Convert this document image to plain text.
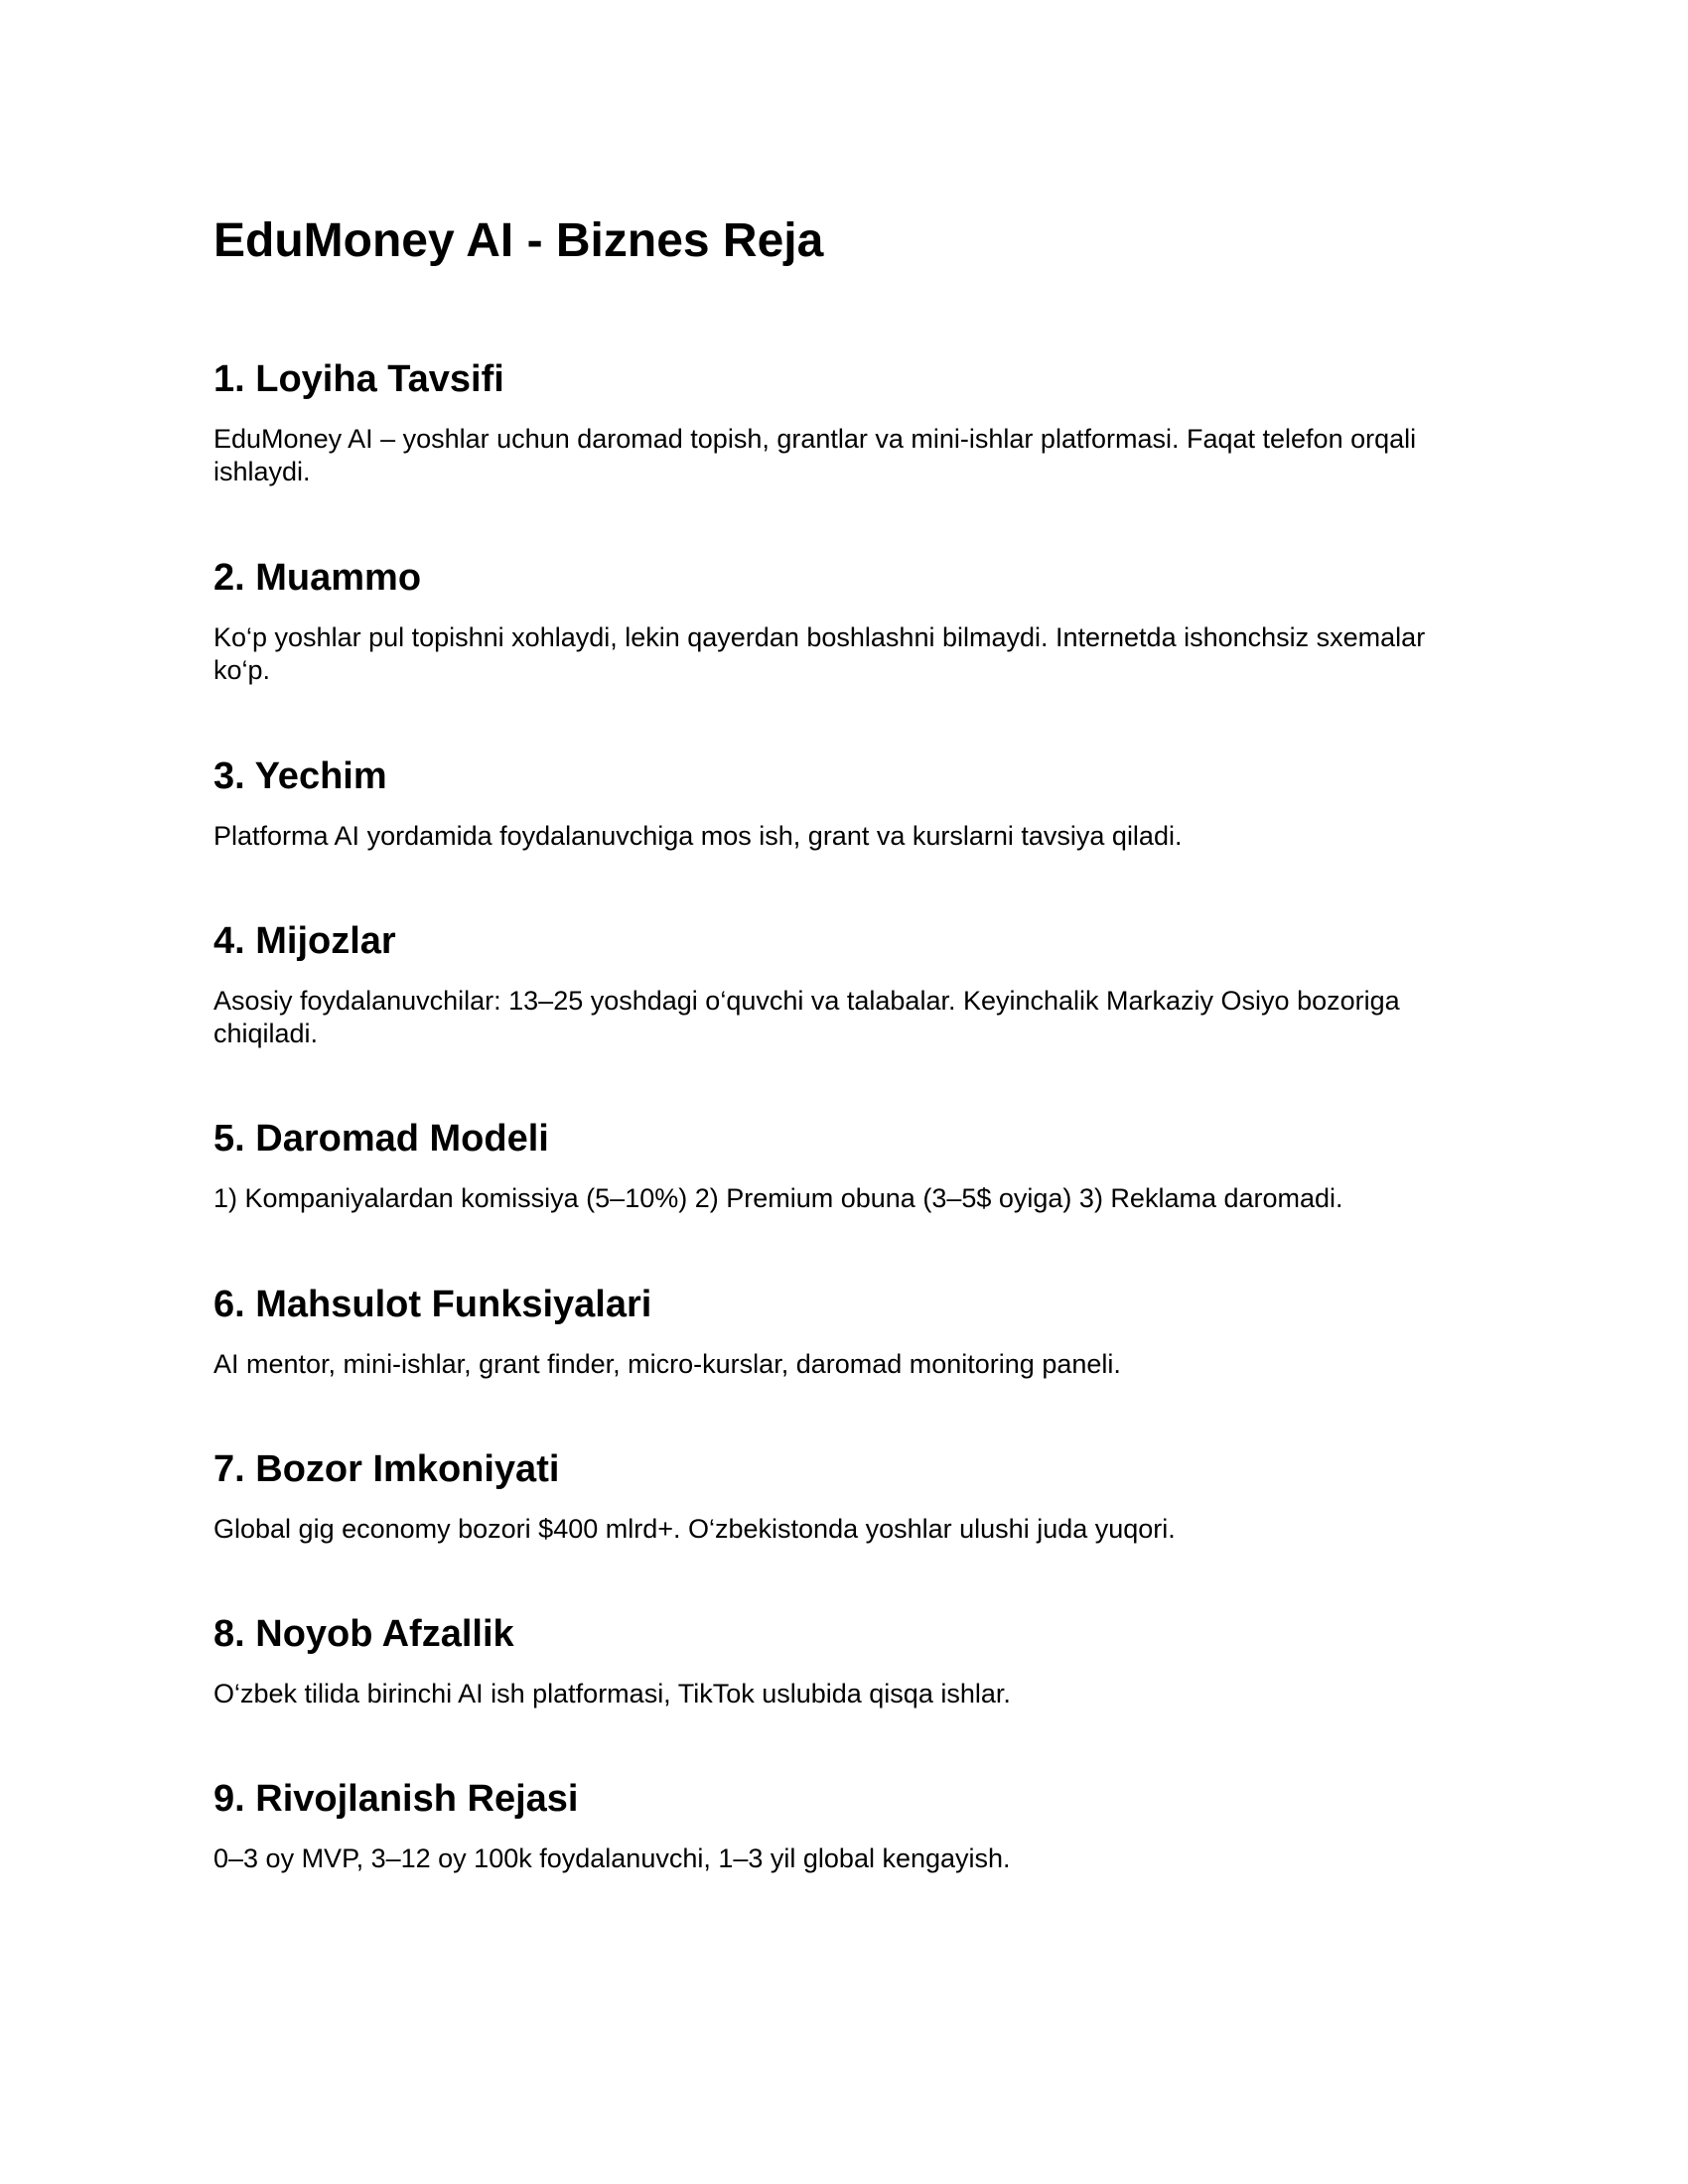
EduMoney AI - Biznes Reja
1. Loyiha Tavsifi

EduMoney AI – yoshlar uchun daromad topish, grantlar va mini-ishlar platformasi. Faqat telefon orqali ishlaydi.

2. Muammo

Ko‘p yoshlar pul topishni xohlaydi, lekin qayerdan boshlashni bilmaydi. Internetda ishonchsiz sxemalar ko‘p.

3. Yechim

Platforma AI yordamida foydalanuvchiga mos ish, grant va kurslarni tavsiya qiladi.

4. Mijozlar

Asosiy foydalanuvchilar: 13–25 yoshdagi o‘quvchi va talabalar. Keyinchalik Markaziy Osiyo bozoriga chiqiladi.

5. Daromad Modeli

1) Kompaniyalardan komissiya (5–10%) 2) Premium obuna (3–5$ oyiga) 3) Reklama daromadi.

6. Mahsulot Funksiyalari

AI mentor, mini-ishlar, grant finder, micro-kurslar, daromad monitoring paneli.

7. Bozor Imkoniyati

Global gig economy bozori $400 mlrd+. O‘zbekistonda yoshlar ulushi juda yuqori.

8. Noyob Afzallik

O‘zbek tilida birinchi AI ish platformasi, TikTok uslubida qisqa ishlar.

9. Rivojlanish Rejasi

0–3 oy MVP, 3–12 oy 100k foydalanuvchi, 1–3 yil global kengayish.
